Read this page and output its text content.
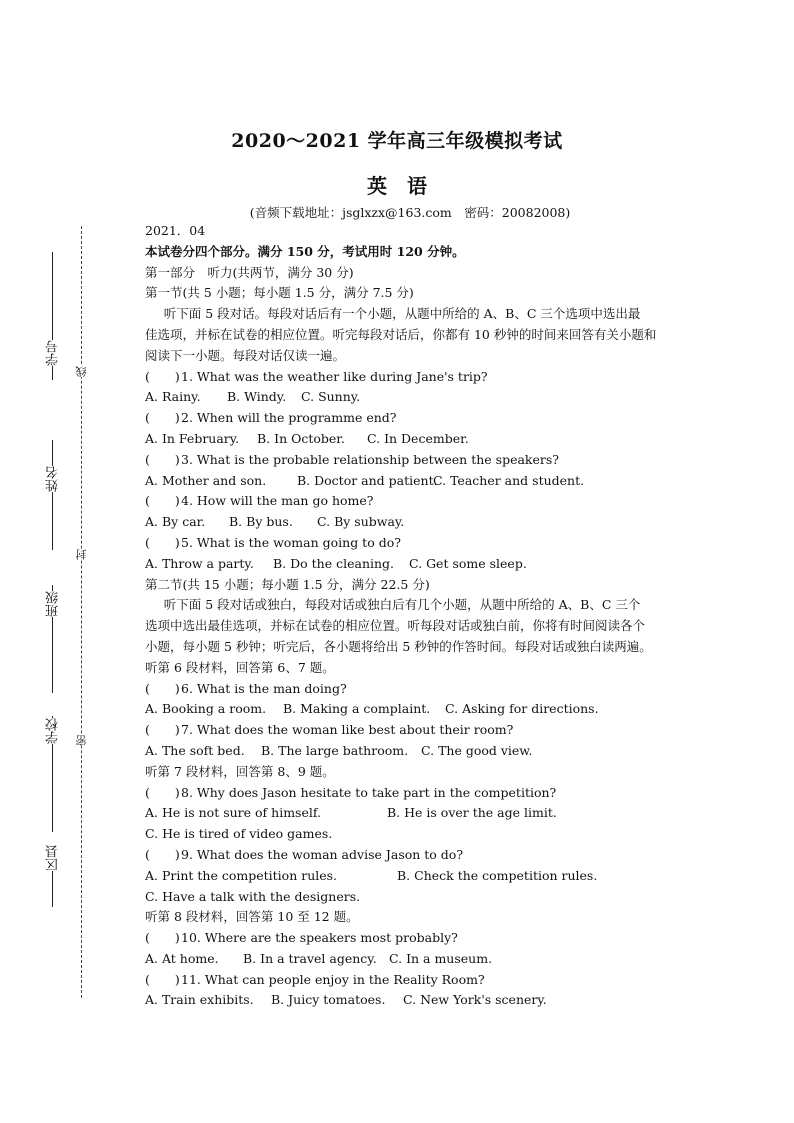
2020～2021 学年高三年级模拟考试
英　语
(音频下载地址：jsglxzx@163.com　密码：20082008)
线
封
密
学号
姓名
班级
学校
区县
2021．04
本试卷分四个部分。满分 150 分，考试用时 120 分钟。
第一部分　听力(共两节，满分 30 分)
第一节(共 5 小题；每小题 1.5 分，满分 7.5 分)
听下面 5 段对话。每段对话后有一个小题，从题中所给的 A、B、C 三个选项中选出最
佳选项，并标在试卷的相应位置。听完每段对话后，你都有 10 秒钟的时间来回答有关小题和
阅读下一小题。每段对话仅读一遍。
(　　)1. What was the weather like during Jane's trip?
A. Rainy. B. Windy. C. Sunny.
(　　)2. When will the programme end?
A. In February. B. In October. C. In December.
(　　)3. What is the probable relationship between the speakers?
A. Mother and son. B. Doctor and patient.C. Teacher and student.
(　　)4. How will the man go home?
A. By car. B. By bus. C. By subway.
(　　)5. What is the woman going to do?
A. Throw a party. B. Do the cleaning. C. Get some sleep.
第二节(共 15 小题；每小题 1.5 分，满分 22.5 分)
听下面 5 段对话或独白，每段对话或独白后有几个小题，从题中所给的 A、B、C 三个
选项中选出最佳选项，并标在试卷的相应位置。听每段对话或独白前，你将有时间阅读各个
小题，每小题 5 秒钟；听完后，各小题将给出 5 秒钟的作答时间。每段对话或独白读两遍。
听第 6 段材料，回答第 6、7 题。
(　　)6. What is the man doing?
A. Booking a room. B. Making a complaint. C. Asking for directions.
(　　)7. What does the woman like best about their room?
A. The soft bed. B. The large bathroom. C. The good view.
听第 7 段材料，回答第 8、9 题。
(　　)8. Why does Jason hesitate to take part in the competition?
A. He is not sure of himself.	B. He is over the age limit.
C. He is tired of video games.
(　　)9. What does the woman advise Jason to do?
A. Print the competition rules.	B. Check the competition rules.
C. Have a talk with the designers.
听第 8 段材料，回答第 10 至 12 题。
(　　)10. Where are the speakers most probably?
A. At home. B. In a travel agency. C. In a museum.
(　　)11. What can people enjoy in the Reality Room?
A. Train exhibits. B. Juicy tomatoes. C. New York's scenery.
